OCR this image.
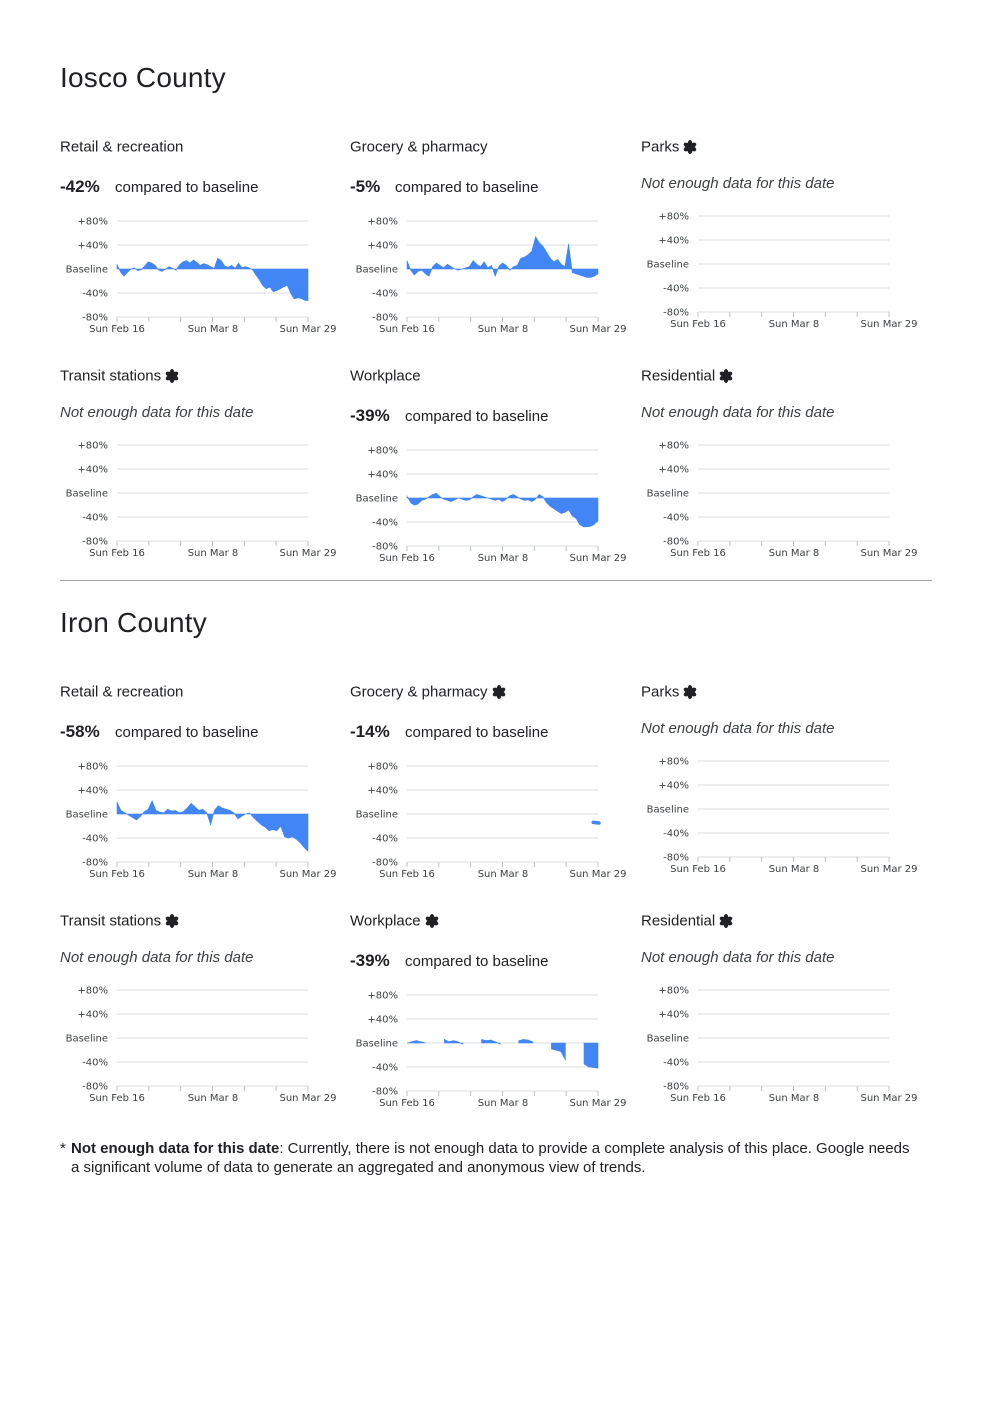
Iosco County
Retail & recreation
-42% compared to baseline
+80%
+40%
Baseline
-40%
-80%
Sun Feb 16	Sun Mar 8	Sun Mar 29
Grocery & pharmacy
-5% compared to baseline
+80%
+40%
Baseline
-40%
-80%
Sun Feb 16	Sun Mar 8	Sun Mar 29
Parks
Not enough data for this date
+80%
+40%
Baseline
-40%
-80%
Sun Feb 16	Sun Mar 8	Sun Mar 29
Transit stations
Not enough data for this date
+80%
+40%
Baseline
-40%
-80%
Sun Feb 16	Sun Mar 8	Sun Mar 29
Workplace
-39% compared to baseline
+80%
+40%
Baseline
-40%
-80%
Sun Feb 16	Sun Mar 8	Sun Mar 29
Residential
Not enough data for this date
+80%
+40%
Baseline
-40%
-80%
Sun Feb 16	Sun Mar 8	Sun Mar 29
Iron County
Retail & recreation
-58% compared to baseline
+80%
+40%
Baseline
-40%
-80%
Sun Feb 16	Sun Mar 8	Sun Mar 29
Grocery & pharmacy
-14% compared to baseline
+80%
+40%
Baseline
-40%
-80%
Sun Feb 16	Sun Mar 8	Sun Mar 29
Parks
Not enough data for this date
+80%
+40%
Baseline
-40%
-80%
Sun Feb 16	Sun Mar 8	Sun Mar 29
Transit stations
Not enough data for this date
+80%
+40%
Baseline
-40%
-80%
Sun Feb 16	Sun Mar 8	Sun Mar 29
Workplace
-39% compared to baseline
+80%
+40%
Baseline
-40%
-80%
Sun Feb 16	Sun Mar 8	Sun Mar 29
Residential
Not enough data for this date
+80%
+40%
Baseline
-40%
-80%
Sun Feb 16	Sun Mar 8	Sun Mar 29
* Not enough data for this date: Currently, there is not enough data to provide a complete analysis of this place. Google needs a significant volume of data to generate an aggregated and anonymous view of trends.
